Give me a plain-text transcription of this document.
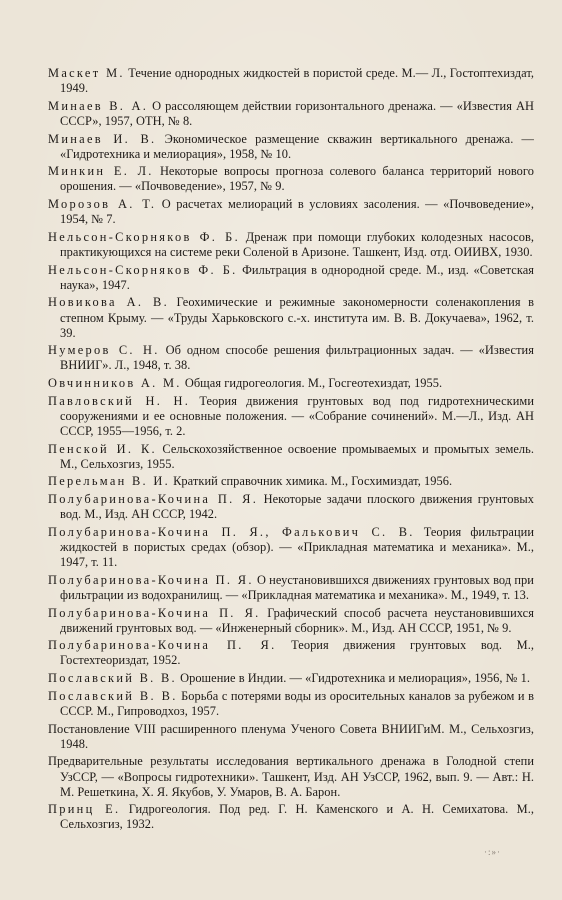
Маскет М. Течение однородных жидкостей в пористой среде. М.— Л., Гостоптехиздат, 1949.
Минаев В. А. О рассоляющем действии горизонтального дренажа. — «Известия АН СССР», 1957, ОТН, № 8.
Минаев И. В. Экономическое размещение скважин вертикального дренажа. — «Гидротехника и мелиорация», 1958, № 10.
Минкин Е. Л. Некоторые вопросы прогноза солевого баланса территорий нового орошения. — «Почвоведение», 1957, № 9.
Морозов А. Т. О расчетах мелиораций в условиях засоления. — «Почвоведение», 1954, № 7.
Нельсон-Скорняков Ф. Б. Дренаж при помощи глубоких колодезных насосов, практикующихся на системе реки Соленой в Аризоне. Ташкент, Изд. отд. ОИИВХ, 1930.
Нельсон-Скорняков Ф. Б. Фильтрация в однородной среде. М., изд. «Советская наука», 1947.
Новикова А. В. Геохимические и режимные закономерности соленакопления в степном Крыму. — «Труды Харьковского с.-х. института им. В. В. Докучаева», 1962, т. 39.
Нумеров С. Н. Об одном способе решения фильтрационных задач. — «Известия ВНИИГ». Л., 1948, т. 38.
Овчинников А. М. Общая гидрогеология. М., Госгеотехиздат, 1955.
Павловский Н. Н. Теория движения грунтовых вод под гидротехническими сооружениями и ее основные положения. — «Собрание сочинений». М.—Л., Изд. АН СССР, 1955—1956, т. 2.
Пенской И. К. Сельскохозяйственное освоение промываемых и промытых земель. М., Сельхозгиз, 1955.
Перельман В. И. Краткий справочник химика. М., Госхимиздат, 1956.
Полубаринова-Кочина П. Я. Некоторые задачи плоского движения грунтовых вод. М., Изд. АН СССР, 1942.
Полубаринова-Кочина П. Я., Фалькович С. В. Теория фильтрации жидкостей в пористых средах (обзор). — «Прикладная математика и механика». М., 1947, т. 11.
Полубаринова-Кочина П. Я. О неустановившихся движениях грунтовых вод при фильтрации из водохранилищ. — «Прикладная математика и механика». М., 1949, т. 13.
Полубаринова-Кочина П. Я. Графический способ расчета неустановившихся движений грунтовых вод. — «Инженерный сборник». М., Изд. АН СССР, 1951, № 9.
Полубаринова-Кочина П. Я. Теория движения грунтовых вод. М., Гостехтеориздат, 1952.
Пославский В. В. Орошение в Индии. — «Гидротехника и мелиорация», 1956, № 1.
Пославский В. В. Борьба с потерями воды из оросительных каналов за рубежом и в СССР. М., Гипроводхоз, 1957.
Постановление VIII расширенного пленума Ученого Совета ВНИИГиМ. М., Сельхозгиз, 1948.
Предварительные результаты исследования вертикального дренажа в Голодной степи УзССР, — «Вопросы гидротехники». Ташкент, Изд. АН УзССР, 1962, вып. 9. — Авт.: Н. М. Решеткина, Х. Я. Якубов, У. Умаров, В. А. Барон.
Принц Е. Гидрогеология. Под ред. Г. Н. Каменского и А. Н. Семихатова. М., Сельхозгиз, 1932.
·:»·
